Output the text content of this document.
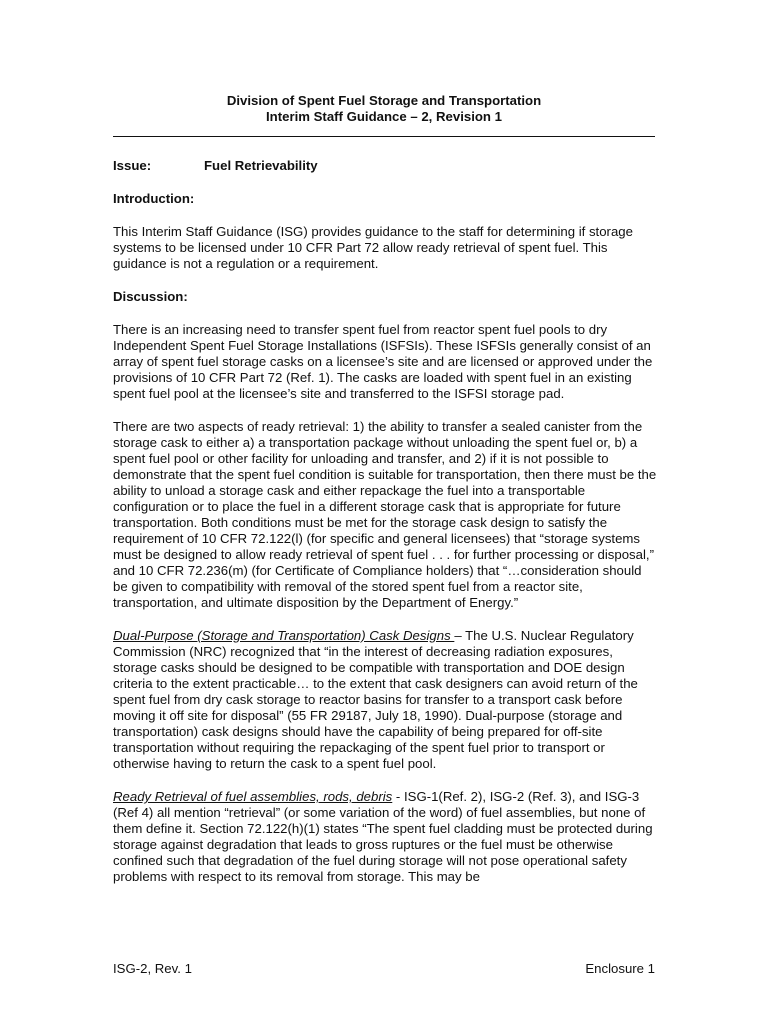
Division of Spent Fuel Storage and Transportation
Interim Staff Guidance – 2, Revision 1
Issue:	Fuel Retrievability
Introduction:

This Interim Staff Guidance (ISG) provides guidance to the staff for determining if storage systems to be licensed under 10 CFR Part 72 allow ready retrieval of spent fuel. This guidance is not a regulation or a requirement.

Discussion:

There is an increasing need to transfer spent fuel from reactor spent fuel pools to dry Independent Spent Fuel Storage Installations (ISFSIs). These ISFSIs generally consist of an array of spent fuel storage casks on a licensee’s site and are licensed or approved under the provisions of 10 CFR Part 72 (Ref. 1). The casks are loaded with spent fuel in an existing spent fuel pool at the licensee’s site and transferred to the ISFSI storage pad.

There are two aspects of ready retrieval: 1) the ability to transfer a sealed canister from the storage cask to either a) a transportation package without unloading the spent fuel or, b) a spent fuel pool or other facility for unloading and transfer, and 2) if it is not possible to demonstrate that the spent fuel condition is suitable for transportation, then there must be the ability to unload a storage cask and either repackage the fuel into a transportable configuration or to place the fuel in a different storage cask that is appropriate for future transportation. Both conditions must be met for the storage cask design to satisfy the requirement of 10 CFR 72.122(l) (for specific and general licensees) that “storage systems must be designed to allow ready retrieval of spent fuel . . . for further processing or disposal,” and 10 CFR 72.236(m) (for Certificate of Compliance holders) that “…consideration should be given to compatibility with removal of the stored spent fuel from a reactor site, transportation, and ultimate disposition by the Department of Energy.”

Dual-Purpose (Storage and Transportation) Cask Designs – The U.S. Nuclear Regulatory Commission (NRC) recognized that “in the interest of decreasing radiation exposures, storage casks should be designed to be compatible with transportation and DOE design criteria to the extent practicable… to the extent that cask designers can avoid return of the spent fuel from dry cask storage to reactor basins for transfer to a transport cask before moving it off site for disposal” (55 FR 29187, July 18, 1990). Dual-purpose (storage and transportation) cask designs should have the capability of being prepared for off-site transportation without requiring the repackaging of the spent fuel prior to transport or otherwise having to return the cask to a spent fuel pool.

Ready Retrieval of fuel assemblies, rods, debris - ISG-1(Ref. 2), ISG-2 (Ref. 3), and ISG-3 (Ref 4) all mention “retrieval” (or some variation of the word) of fuel assemblies, but none of them define it. Section 72.122(h)(1) states “The spent fuel cladding must be protected during storage against degradation that leads to gross ruptures or the fuel must be otherwise confined such that degradation of the fuel during storage will not pose operational safety problems with respect to its removal from storage. This may be

ISG-2, Rev. 1	Enclosure 1
